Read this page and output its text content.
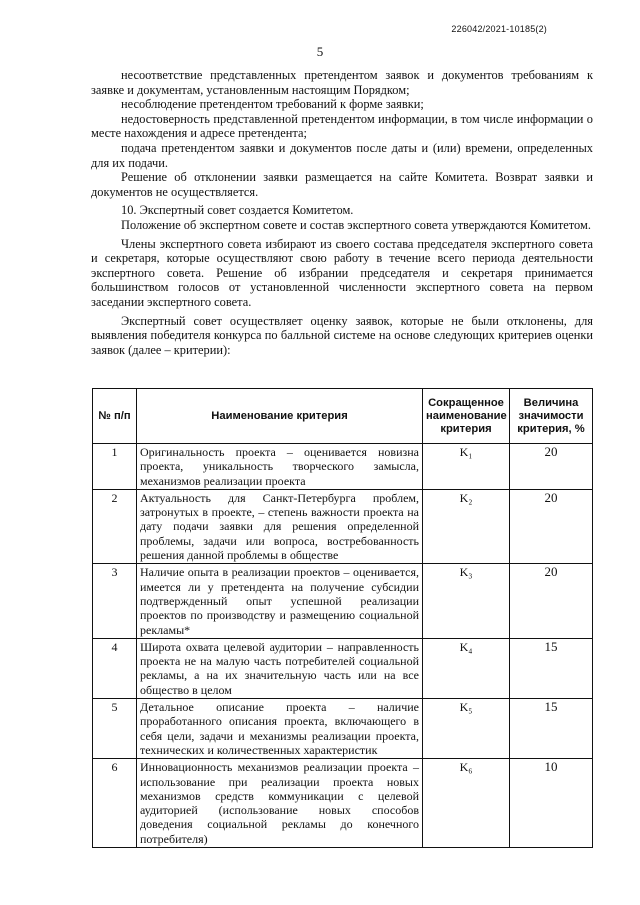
226042/2021-10185(2)
5

несоответствие представленных претендентом заявок и документов требованиям к заявке и документам, установленным настоящим Порядком;

несоблюдение претендентом требований к форме заявки;

недостоверность представленной претендентом информации, в том числе информации о месте нахождения и адресе претендента;

подача претендентом заявки и документов после даты и (или) времени, определенных для их подачи.

Решение об отклонении заявки размещается на сайте Комитета. Возврат заявки и документов не осуществляется.

10. Экспертный совет создается Комитетом.

Положение об экспертном совете и состав экспертного совета утверждаются Комитетом.

Члены экспертного совета избирают из своего состава председателя экспертного совета и секретаря, которые осуществляют свою работу в течение всего периода деятельности экспертного совета. Решение об избрании председателя и секретаря принимается большинством голосов от установленной численности экспертного совета на первом заседании экспертного совета.

Экспертный совет осуществляет оценку заявок, которые не были отклонены, для выявления победителя конкурса по балльной системе на основе следующих критериев оценки заявок (далее – критерии):

№ п/п	Наименование критерия	Сокращенное наименование критерия	Величина значимости критерия, %
1	Оригинальность проекта – оценивается новизна проекта, уникальность творческого замысла, механизмов реализации проекта	K₁	20
2	Актуальность для Санкт-Петербурга проблем, затронутых в проекте, – степень важности проекта на дату подачи заявки для решения определенной проблемы, задачи или вопроса, востребованность решения данной проблемы в обществе	K₂	20
3	Наличие опыта в реализации проектов – оценивается, имеется ли у претендента на получение субсидии подтвержденный опыт успешной реализации проектов по производству и размещению социальной рекламы*	K₃	20
4	Широта охвата целевой аудитории – направленность проекта не на малую часть потребителей социальной рекламы, а на их значительную часть или на все общество в целом	K₄	15
5	Детальное описание проекта – наличие проработанного описания проекта, включающего в себя цели, задачи и механизмы реализации проекта, технических и количественных характеристик	K₅	15
6	Инновационность механизмов реализации проекта – использование при реализации проекта новых механизмов средств коммуникации с целевой аудиторией (использование новых способов доведения социальной рекламы до конечного потребителя)	K₆	10
